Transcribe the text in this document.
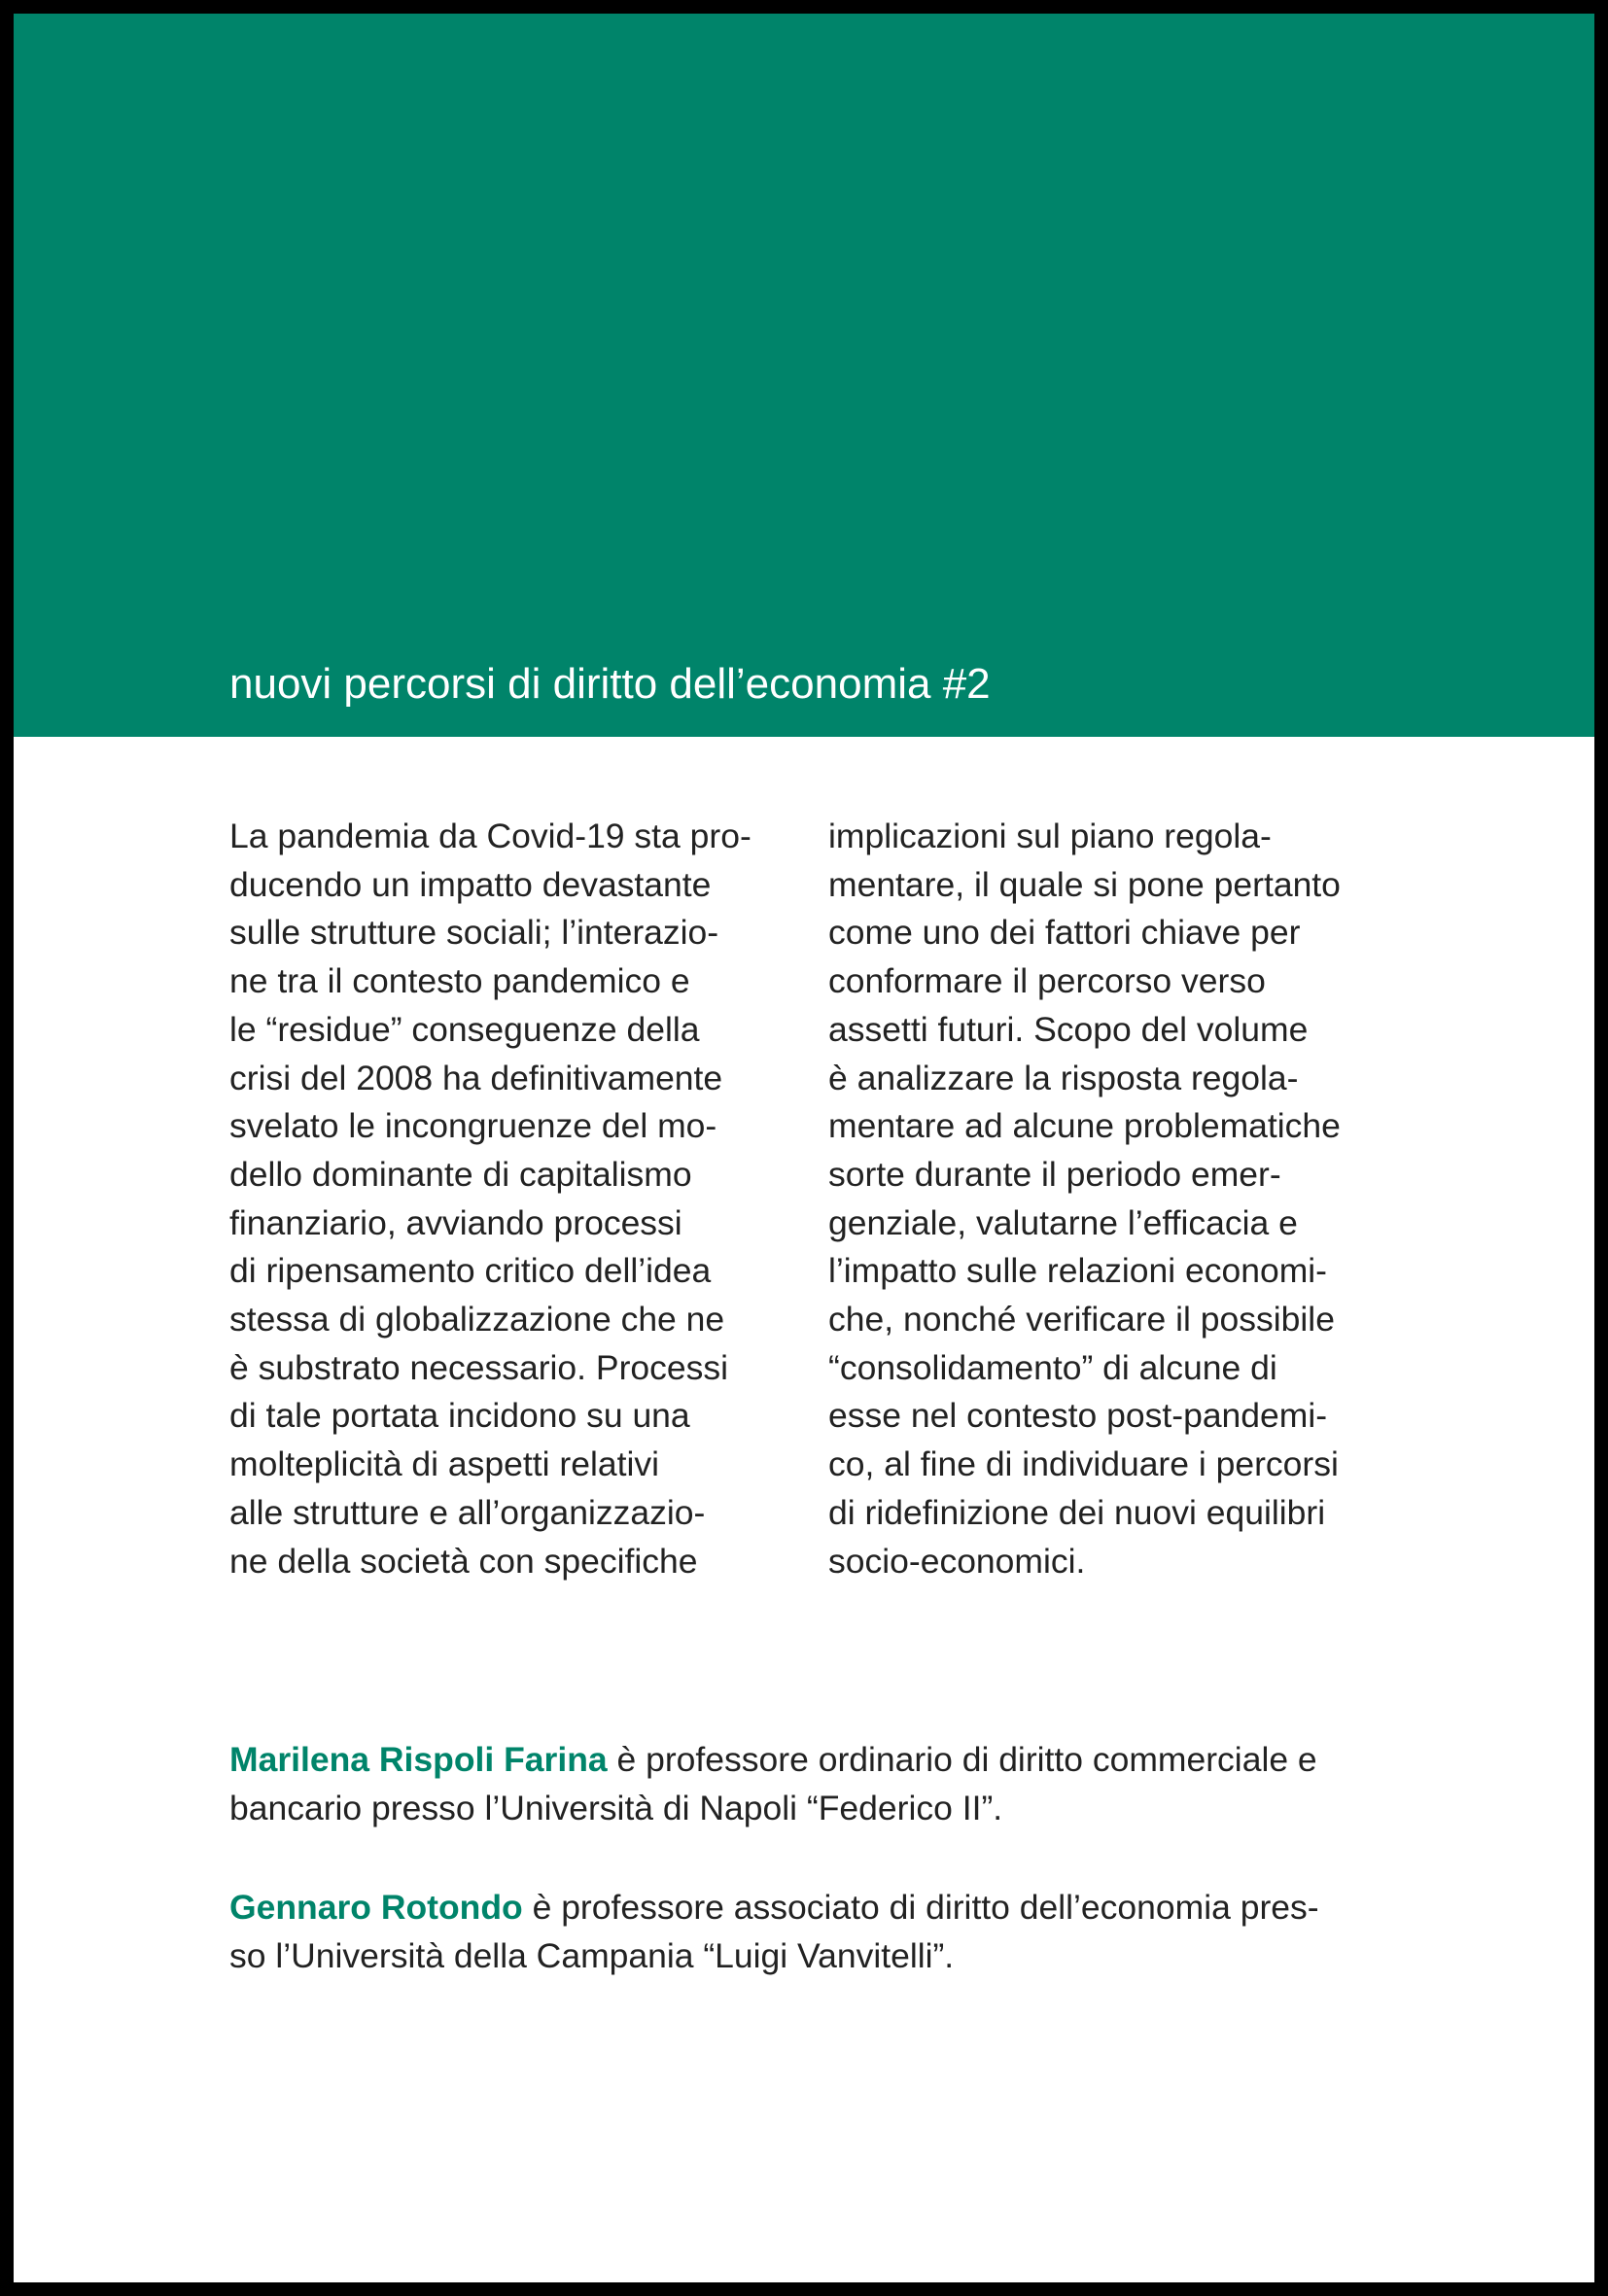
nuovi percorsi di diritto dell’economia #2

La pandemia da Covid-19 sta pro-
ducendo un impatto devastante
sulle strutture sociali; l’interazio-
ne tra il contesto pandemico e
le “residue” conseguenze della
crisi del 2008 ha definitivamente
svelato le incongruenze del mo-
dello dominante di capitalismo
finanziario, avviando processi
di ripensamento critico dell’idea
stessa di globalizzazione che ne
è substrato necessario. Processi
di tale portata incidono su una
molteplicità di aspetti relativi
alle strutture e all’organizzazio-
ne della società con specifiche

implicazioni sul piano regola-
mentare, il quale si pone pertanto
come uno dei fattori chiave per
conformare il percorso verso
assetti futuri. Scopo del volume
è analizzare la risposta regola-
mentare ad alcune problematiche
sorte durante il periodo emer-
genziale, valutarne l’efficacia e
l’impatto sulle relazioni economi-
che, nonché verificare il possibile
“consolidamento” di alcune di
esse nel contesto post-pandemi-
co, al fine di individuare i percorsi
di ridefinizione dei nuovi equilibri
socio-economici.

Marilena Rispoli Farina è professore ordinario di diritto commerciale e
bancario presso l’Università di Napoli “Federico II”.

Gennaro Rotondo è professore associato di diritto dell’economia pres-
so l’Università della Campania “Luigi Vanvitelli”.
